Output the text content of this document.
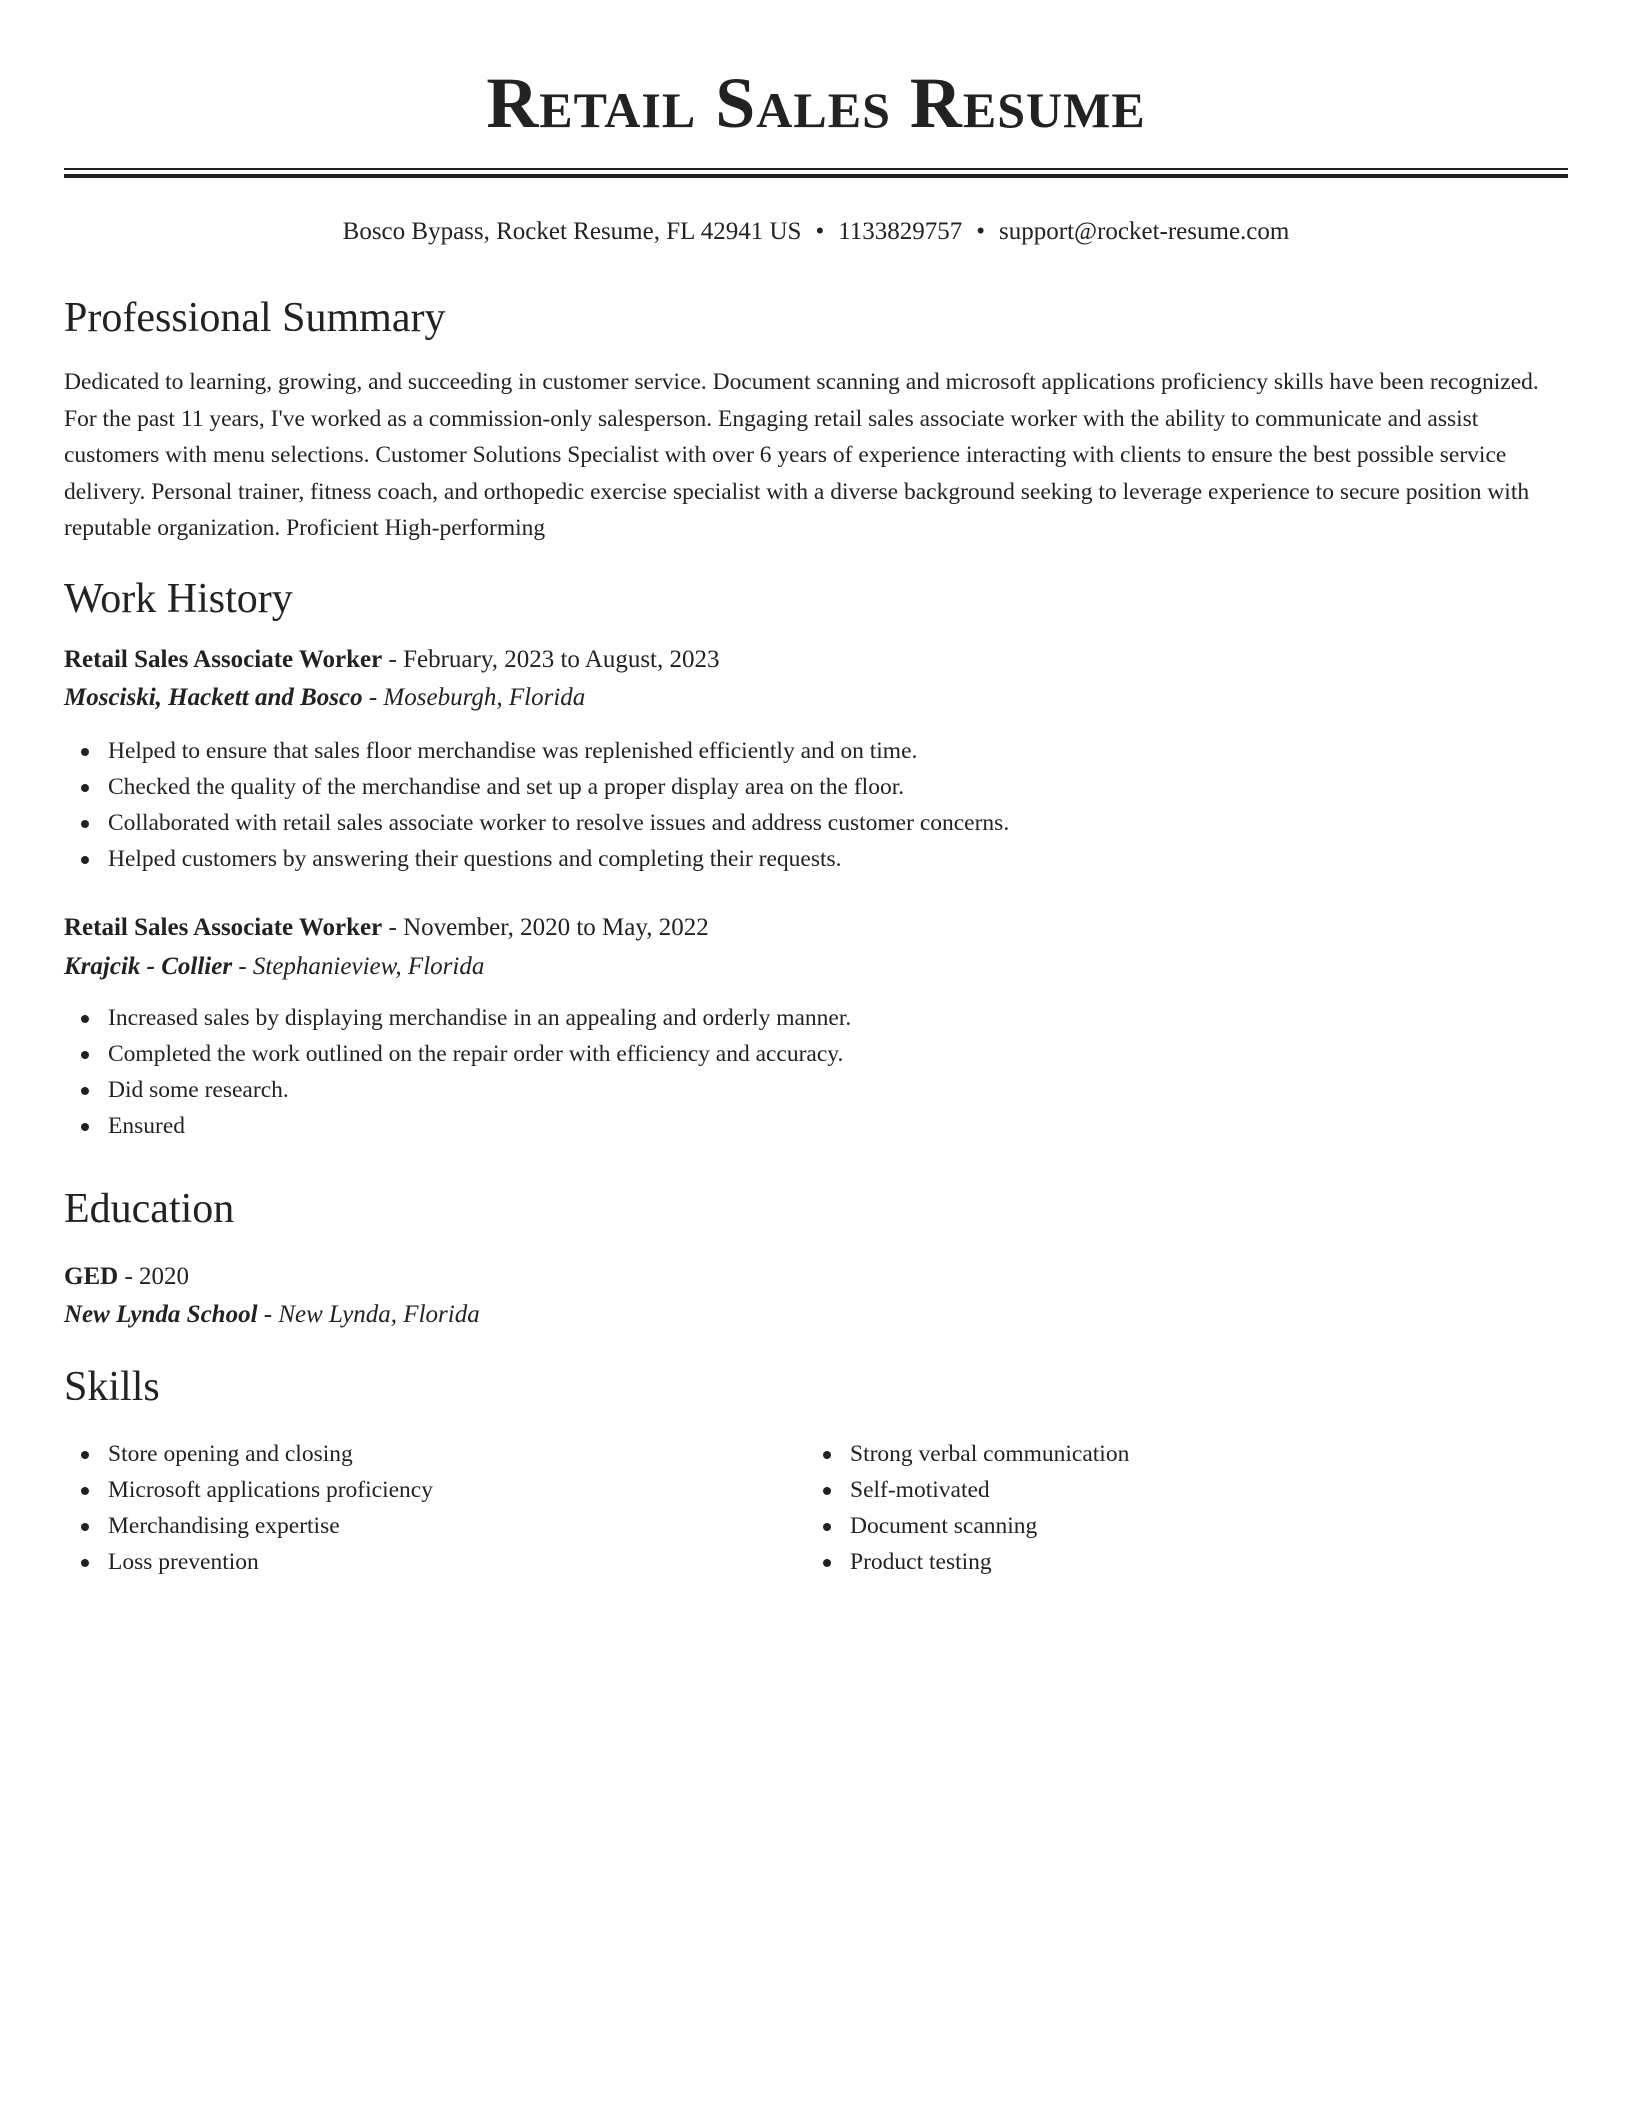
Retail Sales Resume
Bosco Bypass, Rocket Resume, FL 42941 US • 1133829757 • support@rocket-resume.com
Professional Summary

Dedicated to learning, growing, and succeeding in customer service. Document scanning and microsoft applications proficiency skills have been recognized. For the past 11 years, I've worked as a commission-only salesperson. Engaging retail sales associate worker with the ability to communicate and assist customers with menu selections. Customer Solutions Specialist with over 6 years of experience interacting with clients to ensure the best possible service delivery. Personal trainer, fitness coach, and orthopedic exercise specialist with a diverse background seeking to leverage experience to secure position with reputable organization. Proficient High-performing

Work History
Retail Sales Associate Worker - February, 2023 to August, 2023
Mosciski, Hackett and Bosco - Moseburgh, Florida
Helped to ensure that sales floor merchandise was replenished efficiently and on time.
Checked the quality of the merchandise and set up a proper display area on the floor.
Collaborated with retail sales associate worker to resolve issues and address customer concerns.
Helped customers by answering their questions and completing their requests.
Retail Sales Associate Worker - November, 2020 to May, 2022
Krajcik - Collier - Stephanieview, Florida
Increased sales by displaying merchandise in an appealing and orderly manner.
Completed the work outlined on the repair order with efficiency and accuracy.
Did some research.
Ensured
Education
GED - 2020
New Lynda School - New Lynda, Florida
Skills
Store opening and closing
Microsoft applications proficiency
Merchandising expertise
Loss prevention
Strong verbal communication
Self-motivated
Document scanning
Product testing
